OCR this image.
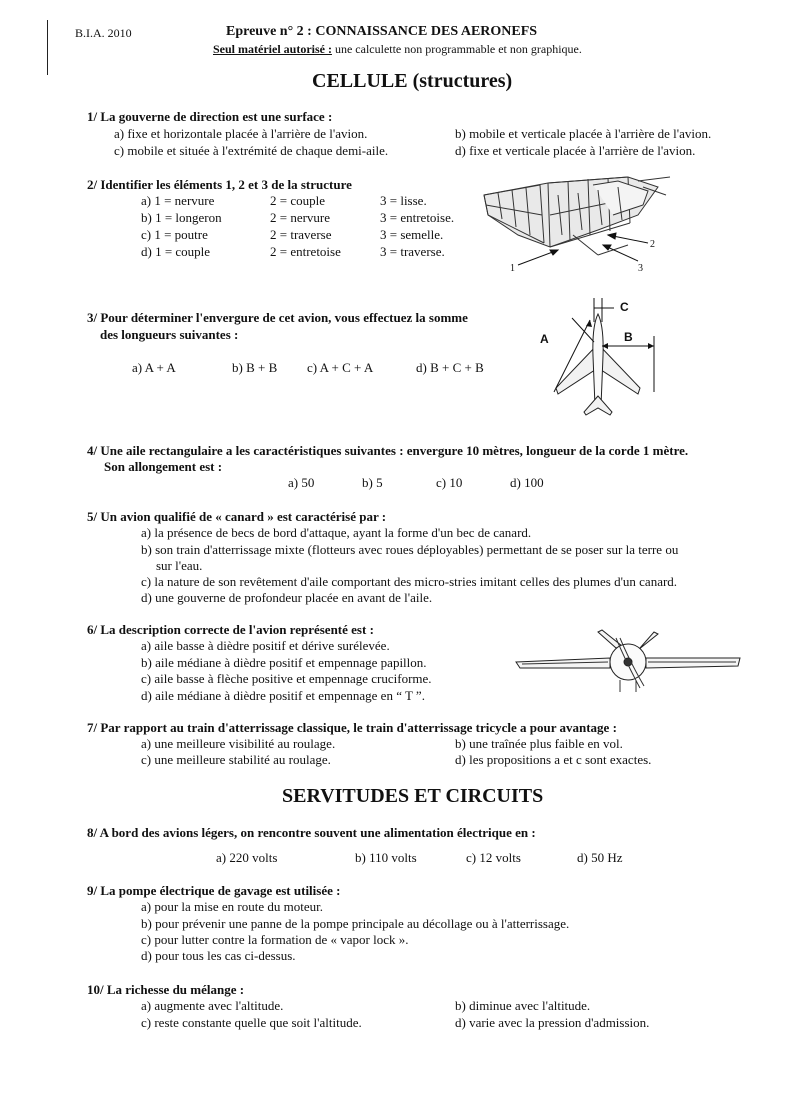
B.I.A. 2010	Epreuve n° 2 : CONNAISSANCE DES AERONEFS
Seul matériel autorisé : une calculette non programmable et non graphique.
CELLULE (structures)
1/ La gouverne de direction est une surface :
a) fixe et horizontale placée à l'arrière de l'avion.	b) mobile et verticale placée à l'arrière de l'avion.
c) mobile et située à l'extrémité de chaque demi-aile.	d) fixe et verticale placée à l'arrière de l'avion.
2/ Identifier les éléments 1, 2 et 3 de la structure
a) 1 = nervure	2 = couple	3 = lisse.
b) 1 = longeron	2 = nervure	3 = entretoise.
c) 1 = poutre	2 = traverse	3 = semelle.
d) 1 = couple	2 = entretoise	3 = traverse.
1
2
3
3/ Pour déterminer l'envergure de cet avion, vous effectuez la somme
des longueurs suivantes :
a) A + A	b) B + B c) A + C + A	d) B + C + B
A	B
C
4/ Une aile rectangulaire a les caractéristiques suivantes : envergure 10 mètres, longueur de la corde 1 mètre.
Son allongement est :
a) 50	b) 5	c) 10	d) 100
5/ Un avion qualifié de « canard » est caractérisé par :
a) la présence de becs de bord d'attaque, ayant la forme d'un bec de canard.
b) son train d'atterrissage mixte (flotteurs avec roues déployables) permettant de se poser sur la terre ou
sur l'eau.
c) la nature de son revêtement d'aile comportant des micro-stries imitant celles des plumes d'un canard.
d) une gouverne de profondeur placée en avant de l'aile.
6/ La description correcte de l'avion représenté est :
a) aile basse à dièdre positif et dérive surélevée.
b) aile médiane à dièdre positif et empennage papillon.
c) aile basse à flèche positive et empennage cruciforme.
d) aile médiane à dièdre positif et empennage en “ T ”.
7/ Par rapport au train d'atterrissage classique, le train d'atterrissage tricycle a pour avantage :
a) une meilleure visibilité au roulage.	b) une traînée plus faible en vol.
c) une meilleure stabilité au roulage.	d) les propositions a et c sont exactes.
SERVITUDES ET CIRCUITS
8/ A bord des avions légers, on rencontre souvent une alimentation électrique en :
a) 220 volts	b) 110 volts	c) 12 volts	d) 50 Hz
9/ La pompe électrique de gavage est utilisée :
a) pour la mise en route du moteur.
b) pour prévenir une panne de la pompe principale au décollage ou à l'atterrissage.
c) pour lutter contre la formation de « vapor lock ».
d) pour tous les cas ci-dessus.
10/ La richesse du mélange :
a) augmente avec l'altitude.	b) diminue avec l'altitude.
c) reste constante quelle que soit l'altitude.	d) varie avec la pression d'admission.
